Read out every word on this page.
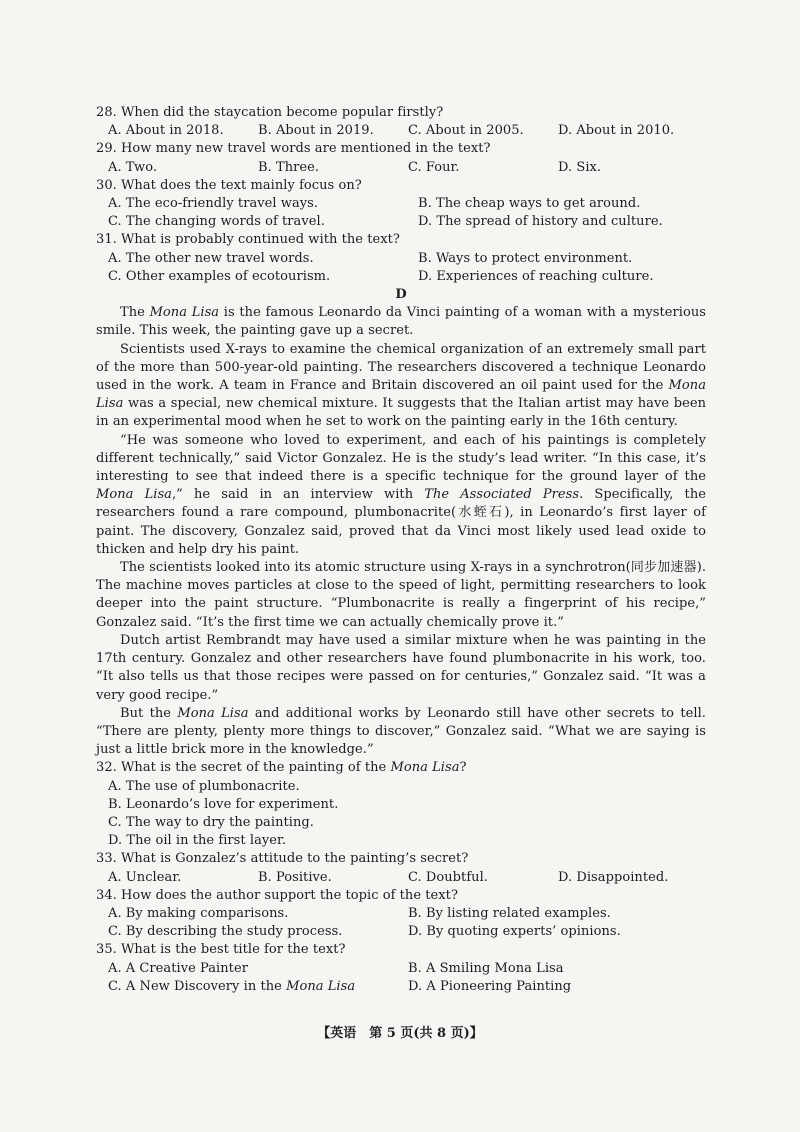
28. When did the staycation become popular firstly?

A. About in 2018.	B. About in 2019.	C. About in 2005.	D. About in 2010.

29. How many new travel words are mentioned in the text?

A. Two.	B. Three.	C. Four.	D. Six.

30. What does the text mainly focus on?

A. The eco-friendly travel ways.	B. The cheap ways to get around.
C. The changing words of travel.	D. The spread of history and culture.

31. What is probably continued with the text?

A. The other new travel words.	B. Ways to protect environment.
C. Other examples of ecotourism.	D. Experiences of reaching culture.

D

The Mona Lisa is the famous Leonardo da Vinci painting of a woman with a mysterious smile. This week, the painting gave up a secret.

Scientists used X-rays to examine the chemical organization of an extremely small part of the more than 500-year-old painting. The researchers discovered a technique Leonardo used in the work. A team in France and Britain discovered an oil paint used for the Mona Lisa was a special, new chemical mixture. It suggests that the Italian artist may have been in an experimental mood when he set to work on the painting early in the 16th century.

“He was someone who loved to experiment, and each of his paintings is completely different technically,” said Victor Gonzalez. He is the study’s lead writer. “In this case, it’s interesting to see that indeed there is a specific technique for the ground layer of the Mona Lisa,” he said in an interview with The Associated Press. Specifically, the researchers found a rare compound, plumbonacrite(水蛭石), in Leonardo’s first layer of paint. The discovery, Gonzalez said, proved that da Vinci most likely used lead oxide to thicken and help dry his paint.

The scientists looked into its atomic structure using X-rays in a synchrotron(同步加速器). The machine moves particles at close to the speed of light, permitting researchers to look deeper into the paint structure. “Plumbonacrite is really a fingerprint of his recipe,” Gonzalez said. “It’s the first time we can actually chemically prove it.”

Dutch artist Rembrandt may have used a similar mixture when he was painting in the 17th century. Gonzalez and other researchers have found plumbonacrite in his work, too. “It also tells us that those recipes were passed on for centuries,” Gonzalez said. “It was a very good recipe.”

But the Mona Lisa and additional works by Leonardo still have other secrets to tell. “There are plenty, plenty more things to discover,” Gonzalez said. “What we are saying is just a little brick more in the knowledge.”

32. What is the secret of the painting of the Mona Lisa?

A. The use of plumbonacrite.
B. Leonardo’s love for experiment.
C. The way to dry the painting.
D. The oil in the first layer.

33. What is Gonzalez’s attitude to the painting’s secret?

A. Unclear.	B. Positive.	C. Doubtful.	D. Disappointed.

34. How does the author support the topic of the text?

A. By making comparisons.	B. By listing related examples.
C. By describing the study process.	D. By quoting experts’ opinions.

35. What is the best title for the text?

A. A Creative Painter	B. A Smiling Mona Lisa
C. A New Discovery in the Mona Lisa	D. A Pioneering Painting
【英语　第 5 页(共 8 页)】
